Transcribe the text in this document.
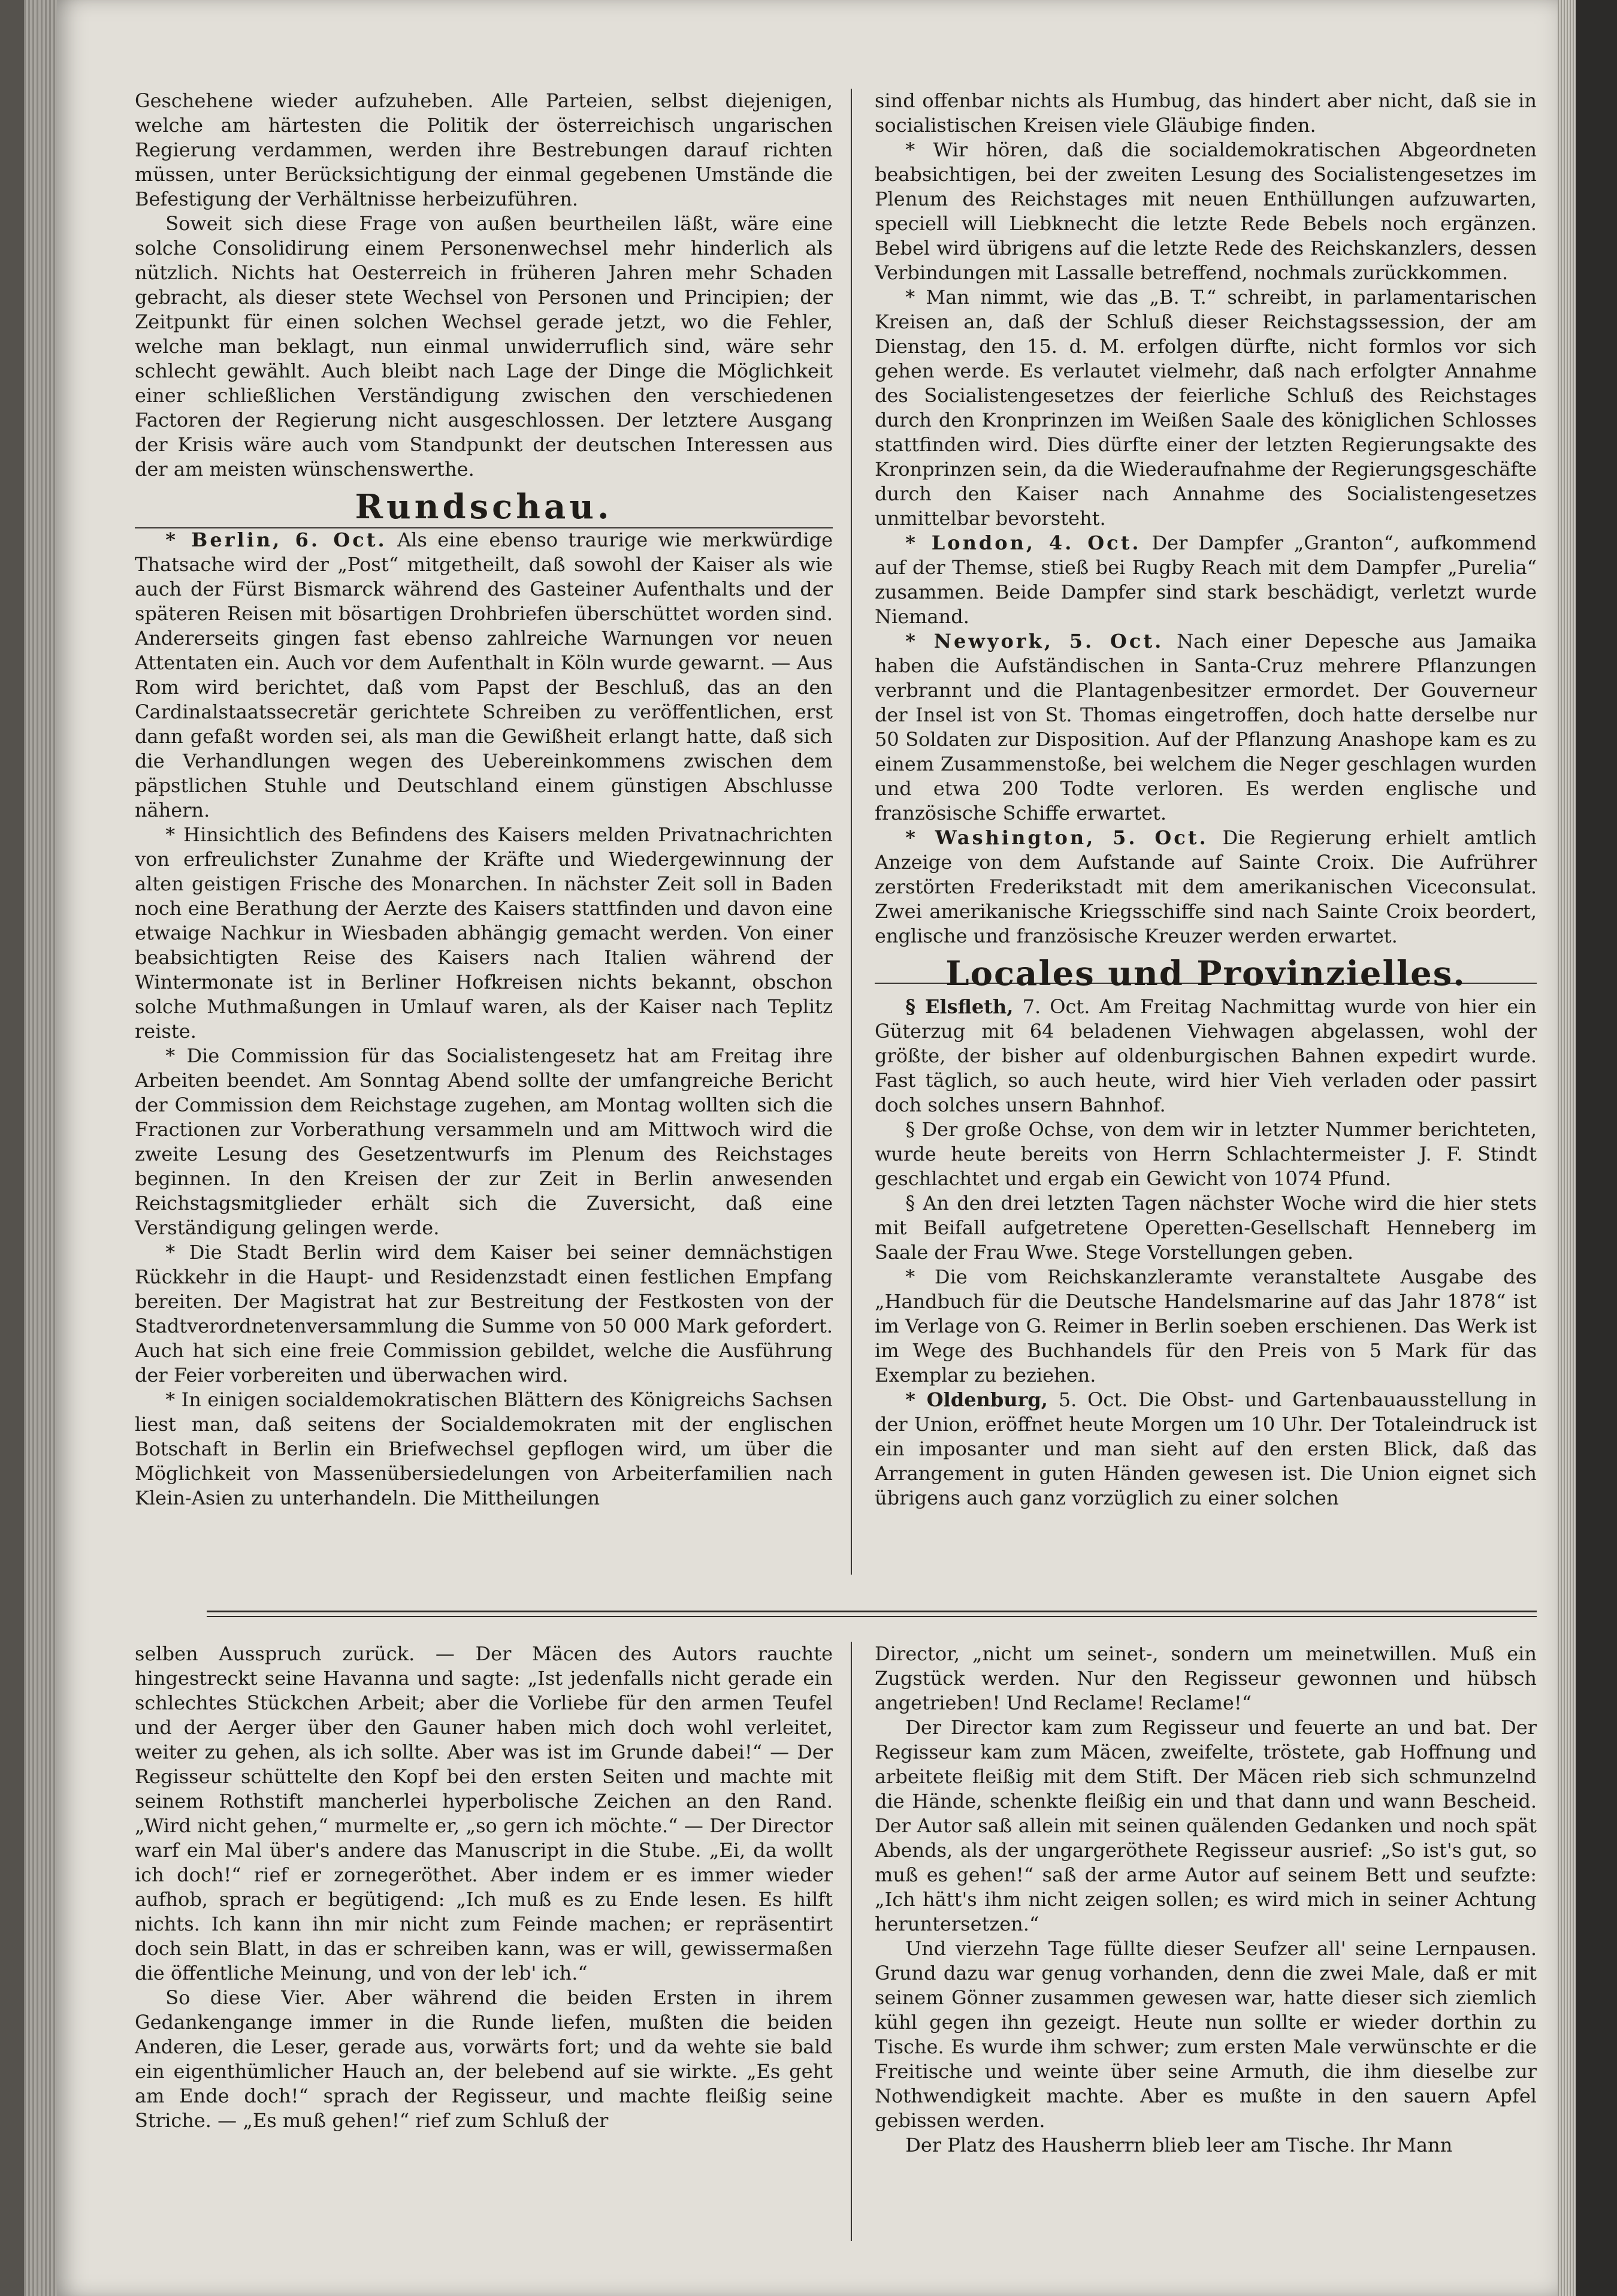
Geschehene wieder aufzuheben. Alle Parteien, selbst diejenigen, welche am härtesten die Politik der österreichisch ungarischen Regierung verdammen, werden ihre Bestrebungen darauf richten müssen, unter Berücksichtigung der einmal gegebenen Umstände die Befestigung der Verhältnisse herbeizuführen.

Soweit sich diese Frage von außen beurtheilen läßt, wäre eine solche Consolidirung einem Personenwechsel mehr hinderlich als nützlich. Nichts hat Oesterreich in früheren Jahren mehr Schaden gebracht, als dieser stete Wechsel von Personen und Principien; der Zeitpunkt für einen solchen Wechsel gerade jetzt, wo die Fehler, welche man beklagt, nun einmal unwiderruflich sind, wäre sehr schlecht gewählt. Auch bleibt nach Lage der Dinge die Möglichkeit einer schließlichen Verständigung zwischen den verschiedenen Factoren der Regierung nicht ausgeschlossen. Der letztere Ausgang der Krisis wäre auch vom Standpunkt der deutschen Interessen aus der am meisten wünschenswerthe.

Rundschau.

* Berlin, 6. Oct. Als eine ebenso traurige wie merkwürdige Thatsache wird der „Post“ mitgetheilt, daß sowohl der Kaiser als wie auch der Fürst Bismarck während des Gasteiner Aufenthalts und der späteren Reisen mit bösartigen Drohbriefen überschüttet worden sind. Andererseits gingen fast ebenso zahlreiche Warnungen vor neuen Attentaten ein. Auch vor dem Aufenthalt in Köln wurde gewarnt. — Aus Rom wird berichtet, daß vom Papst der Beschluß, das an den Cardinalstaatssecretär gerichtete Schreiben zu veröffentlichen, erst dann gefaßt worden sei, als man die Gewißheit erlangt hatte, daß sich die Verhandlungen wegen des Uebereinkommens zwischen dem päpstlichen Stuhle und Deutschland einem günstigen Abschlusse nähern.

* Hinsichtlich des Befindens des Kaisers melden Privatnachrichten von erfreulichster Zunahme der Kräfte und Wiedergewinnung der alten geistigen Frische des Monarchen. In nächster Zeit soll in Baden noch eine Berathung der Aerzte des Kaisers stattfinden und davon eine etwaige Nachkur in Wiesbaden abhängig gemacht werden. Von einer beabsichtigten Reise des Kaisers nach Italien während der Wintermonate ist in Berliner Hofkreisen nichts bekannt, obschon solche Muthmaßungen in Umlauf waren, als der Kaiser nach Teplitz reiste.

* Die Commission für das Socialistengesetz hat am Freitag ihre Arbeiten beendet. Am Sonntag Abend sollte der umfangreiche Bericht der Commission dem Reichstage zugehen, am Montag wollten sich die Fractionen zur Vorberathung versammeln und am Mittwoch wird die zweite Lesung des Gesetzentwurfs im Plenum des Reichstages beginnen. In den Kreisen der zur Zeit in Berlin anwesenden Reichstagsmitglieder erhält sich die Zuversicht, daß eine Verständigung gelingen werde.

* Die Stadt Berlin wird dem Kaiser bei seiner demnächstigen Rückkehr in die Haupt- und Residenzstadt einen festlichen Empfang bereiten. Der Magistrat hat zur Bestreitung der Festkosten von der Stadtverordnetenversammlung die Summe von 50 000 Mark gefordert. Auch hat sich eine freie Commission gebildet, welche die Ausführung der Feier vorbereiten und überwachen wird.

* In einigen socialdemokratischen Blättern des Königreichs Sachsen liest man, daß seitens der Socialdemokraten mit der englischen Botschaft in Berlin ein Briefwechsel gepflogen wird, um über die Möglichkeit von Massenübersiedelungen von Arbeiterfamilien nach Klein-Asien zu unterhandeln. Die Mittheilungen

sind offenbar nichts als Humbug, das hindert aber nicht, daß sie in socialistischen Kreisen viele Gläubige finden.

* Wir hören, daß die socialdemokratischen Abgeordneten beabsichtigen, bei der zweiten Lesung des Socialistengesetzes im Plenum des Reichstages mit neuen Enthüllungen aufzuwarten, speciell will Liebknecht die letzte Rede Bebels noch ergänzen. Bebel wird übrigens auf die letzte Rede des Reichskanzlers, dessen Verbindungen mit Lassalle betreffend, nochmals zurückkommen.

* Man nimmt, wie das „B. T.“ schreibt, in parlamentarischen Kreisen an, daß der Schluß dieser Reichstagssession, der am Dienstag, den 15. d. M. erfolgen dürfte, nicht formlos vor sich gehen werde. Es verlautet vielmehr, daß nach erfolgter Annahme des Socialistengesetzes der feierliche Schluß des Reichstages durch den Kronprinzen im Weißen Saale des königlichen Schlosses stattfinden wird. Dies dürfte einer der letzten Regierungsakte des Kronprinzen sein, da die Wiederaufnahme der Regierungsgeschäfte durch den Kaiser nach Annahme des Socialistengesetzes unmittelbar bevorsteht.

* London, 4. Oct. Der Dampfer „Granton“, aufkommend auf der Themse, stieß bei Rugby Reach mit dem Dampfer „Purelia“ zusammen. Beide Dampfer sind stark beschädigt, verletzt wurde Niemand.

* Newyork, 5. Oct. Nach einer Depesche aus Jamaika haben die Aufständischen in Santa-Cruz mehrere Pflanzungen verbrannt und die Plantagenbesitzer ermordet. Der Gouverneur der Insel ist von St. Thomas eingetroffen, doch hatte derselbe nur 50 Soldaten zur Disposition. Auf der Pflanzung Anashope kam es zu einem Zusammenstoße, bei welchem die Neger geschlagen wurden und etwa 200 Todte verloren. Es werden englische und französische Schiffe erwartet.

* Washington, 5. Oct. Die Regierung erhielt amtlich Anzeige von dem Aufstande auf Sainte Croix. Die Aufrührer zerstörten Frederikstadt mit dem amerikanischen Viceconsulat. Zwei amerikanische Kriegsschiffe sind nach Sainte Croix beordert, englische und französische Kreuzer werden erwartet.

Locales und Provinzielles.

§ Elsfleth, 7. Oct. Am Freitag Nachmittag wurde von hier ein Güterzug mit 64 beladenen Viehwagen abgelassen, wohl der größte, der bisher auf oldenburgischen Bahnen expedirt wurde. Fast täglich, so auch heute, wird hier Vieh verladen oder passirt doch solches unsern Bahnhof.

§ Der große Ochse, von dem wir in letzter Nummer berichteten, wurde heute bereits von Herrn Schlachtermeister J. F. Stindt geschlachtet und ergab ein Gewicht von 1074 Pfund.

§ An den drei letzten Tagen nächster Woche wird die hier stets mit Beifall aufgetretene Operetten-Gesellschaft Henneberg im Saale der Frau Wwe. Stege Vorstellungen geben.

* Die vom Reichskanzleramte veranstaltete Ausgabe des „Handbuch für die Deutsche Handelsmarine auf das Jahr 1878“ ist im Verlage von G. Reimer in Berlin soeben erschienen. Das Werk ist im Wege des Buchhandels für den Preis von 5 Mark für das Exemplar zu beziehen.

* Oldenburg, 5. Oct. Die Obst- und Gartenbauausstellung in der Union, eröffnet heute Morgen um 10 Uhr. Der Totaleindruck ist ein imposanter und man sieht auf den ersten Blick, daß das Arrangement in guten Händen gewesen ist. Die Union eignet sich übrigens auch ganz vorzüglich zu einer solchen

selben Ausspruch zurück. — Der Mäcen des Autors rauchte hingestreckt seine Havanna und sagte: „Ist jedenfalls nicht gerade ein schlechtes Stückchen Arbeit; aber die Vorliebe für den armen Teufel und der Aerger über den Gauner haben mich doch wohl verleitet, weiter zu gehen, als ich sollte. Aber was ist im Grunde dabei!“ — Der Regisseur schüttelte den Kopf bei den ersten Seiten und machte mit seinem Rothstift mancherlei hyperbolische Zeichen an den Rand. „Wird nicht gehen,“ murmelte er, „so gern ich möchte.“ — Der Director warf ein Mal über's andere das Manuscript in die Stube. „Ei, da wollt ich doch!“ rief er zornegeröthet. Aber indem er es immer wieder aufhob, sprach er begütigend: „Ich muß es zu Ende lesen. Es hilft nichts. Ich kann ihn mir nicht zum Feinde machen; er repräsentirt doch sein Blatt, in das er schreiben kann, was er will, gewissermaßen die öffentliche Meinung, und von der leb' ich.“

So diese Vier. Aber während die beiden Ersten in ihrem Gedankengange immer in die Runde liefen, mußten die beiden Anderen, die Leser, gerade aus, vorwärts fort; und da wehte sie bald ein eigenthümlicher Hauch an, der belebend auf sie wirkte. „Es geht am Ende doch!“ sprach der Regisseur, und machte fleißig seine Striche. — „Es muß gehen!“ rief zum Schluß der

Director, „nicht um seinet-, sondern um meinetwillen. Muß ein Zugstück werden. Nur den Regisseur gewonnen und hübsch angetrieben! Und Reclame! Reclame!“

Der Director kam zum Regisseur und feuerte an und bat. Der Regisseur kam zum Mäcen, zweifelte, tröstete, gab Hoffnung und arbeitete fleißig mit dem Stift. Der Mäcen rieb sich schmunzelnd die Hände, schenkte fleißig ein und that dann und wann Bescheid. Der Autor saß allein mit seinen quälenden Gedanken und noch spät Abends, als der ungargeröthete Regisseur ausrief: „So ist's gut, so muß es gehen!“ saß der arme Autor auf seinem Bett und seufzte: „Ich hätt's ihm nicht zeigen sollen; es wird mich in seiner Achtung heruntersetzen.“

Und vierzehn Tage füllte dieser Seufzer all' seine Lernpausen. Grund dazu war genug vorhanden, denn die zwei Male, daß er mit seinem Gönner zusammen gewesen war, hatte dieser sich ziemlich kühl gegen ihn gezeigt. Heute nun sollte er wieder dorthin zu Tische. Es wurde ihm schwer; zum ersten Male verwünschte er die Freitische und weinte über seine Armuth, die ihm dieselbe zur Nothwendigkeit machte. Aber es mußte in den sauern Apfel gebissen werden.

Der Platz des Hausherrn blieb leer am Tische. Ihr Mann
